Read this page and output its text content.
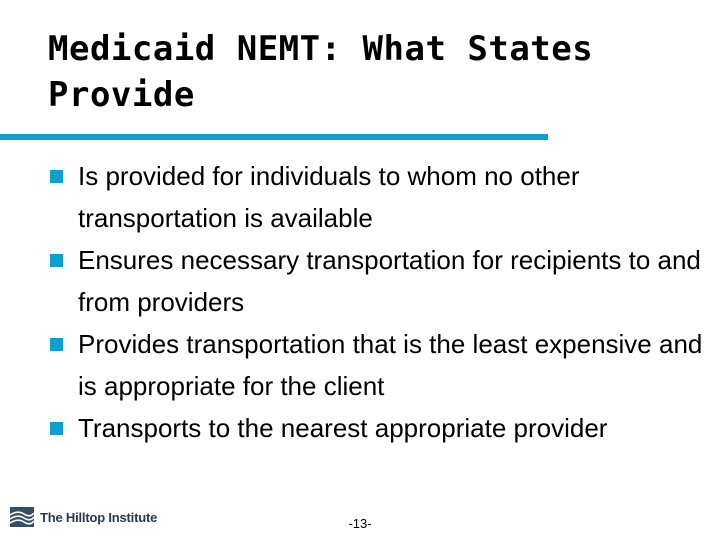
Medicaid NEMT: What States Provide
Is provided for individuals to whom no other transportation is available
Ensures necessary transportation for recipients to and from providers
Provides transportation that is the least expensive and is appropriate for the client
Transports to the nearest appropriate provider
The Hilltop Institute	-13-
